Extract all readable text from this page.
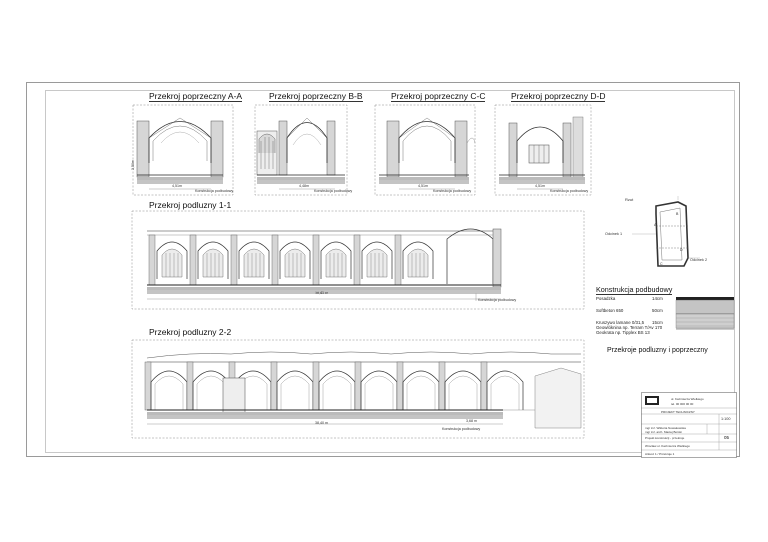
Przekroj poprzeczny A-A	Przekroj poprzeczny B-B	Przekroj poprzeczny C-C	Przekroj poprzeczny D-D
4,51m
Konstrukcja podbudowy
3,50m
4,48m
Konstrukcja podbudowy
4,51m
Konstrukcja podbudowy
4,51m
Konstrukcja podbudowy
Przekroj podluzny 1-1
38,41 m
Konstrukcja podbudowy
Przekroj podluzny 2-2
38,40 m	3,68 m
Konstrukcja podbudowy
Rzut
Odcinek 1
Odcinek 2
A
B
C
D
Konstrukcja podbudowy
Posadzka	14cm
Softbeton 650	50cm
Kruszywo lamane 0/31,5 15cm
Geowlóknina np. Terram T/Av 170
Geokrata np. Tipplex BS 13
Przekroje podluzny i poprzeczny
ul. Kazimierza Wielkiego
tel. 00 000 00 00
PROJEKT TECHNICZNY
1:100
mgr inż. Wiktoria Nowakowska
mgr inż. arch. Maciej Borski
Projekt konstrukcji - przekroje
Wrocław ul. Kazimierza Wielkiego
05
Arkusz 1 / Przekroje 1
